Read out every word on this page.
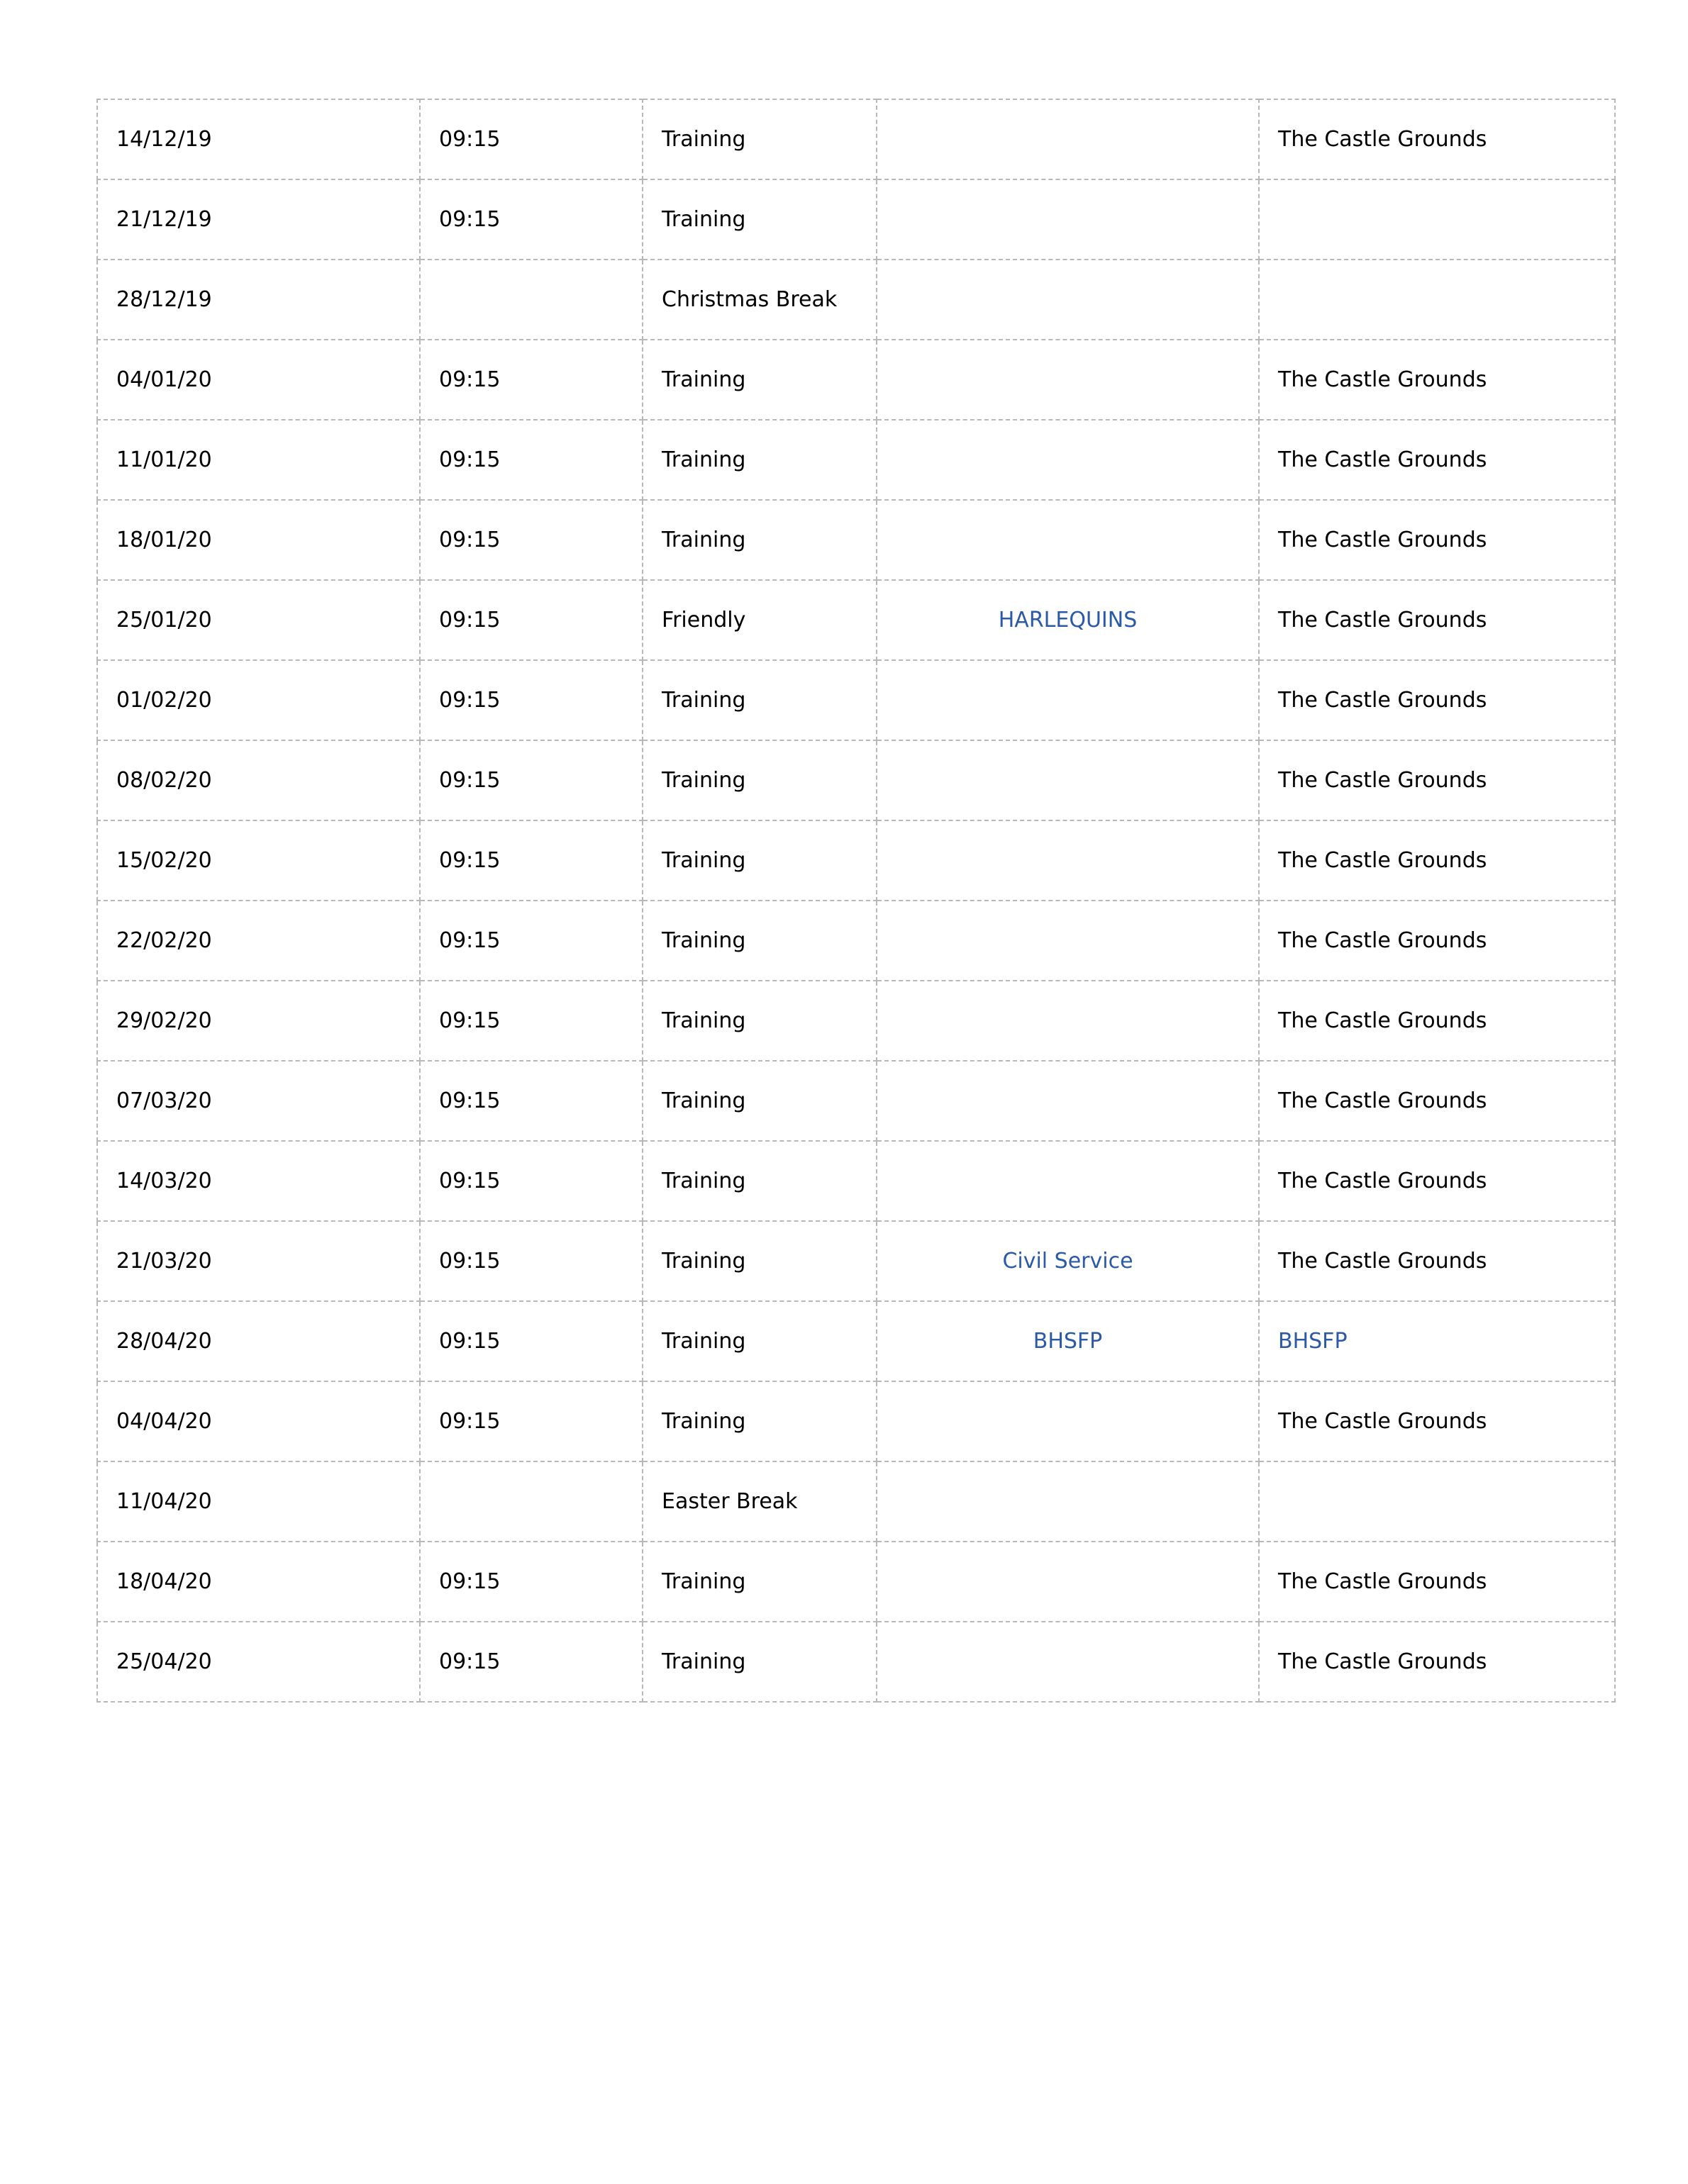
14/12/19	09:15	Training		The Castle Grounds
21/12/19	09:15	Training		
28/12/19		Christmas Break		
04/01/20	09:15	Training		The Castle Grounds
11/01/20	09:15	Training		The Castle Grounds
18/01/20	09:15	Training		The Castle Grounds
25/01/20	09:15	Friendly	HARLEQUINS	The Castle Grounds
01/02/20	09:15	Training		The Castle Grounds
08/02/20	09:15	Training		The Castle Grounds
15/02/20	09:15	Training		The Castle Grounds
22/02/20	09:15	Training		The Castle Grounds
29/02/20	09:15	Training		The Castle Grounds
07/03/20	09:15	Training		The Castle Grounds
14/03/20	09:15	Training		The Castle Grounds
21/03/20	09:15	Training	Civil Service	The Castle Grounds
28/04/20	09:15	Training	BHSFP	BHSFP
04/04/20	09:15	Training		The Castle Grounds
11/04/20		Easter Break		
18/04/20	09:15	Training		The Castle Grounds
25/04/20	09:15	Training		The Castle Grounds
